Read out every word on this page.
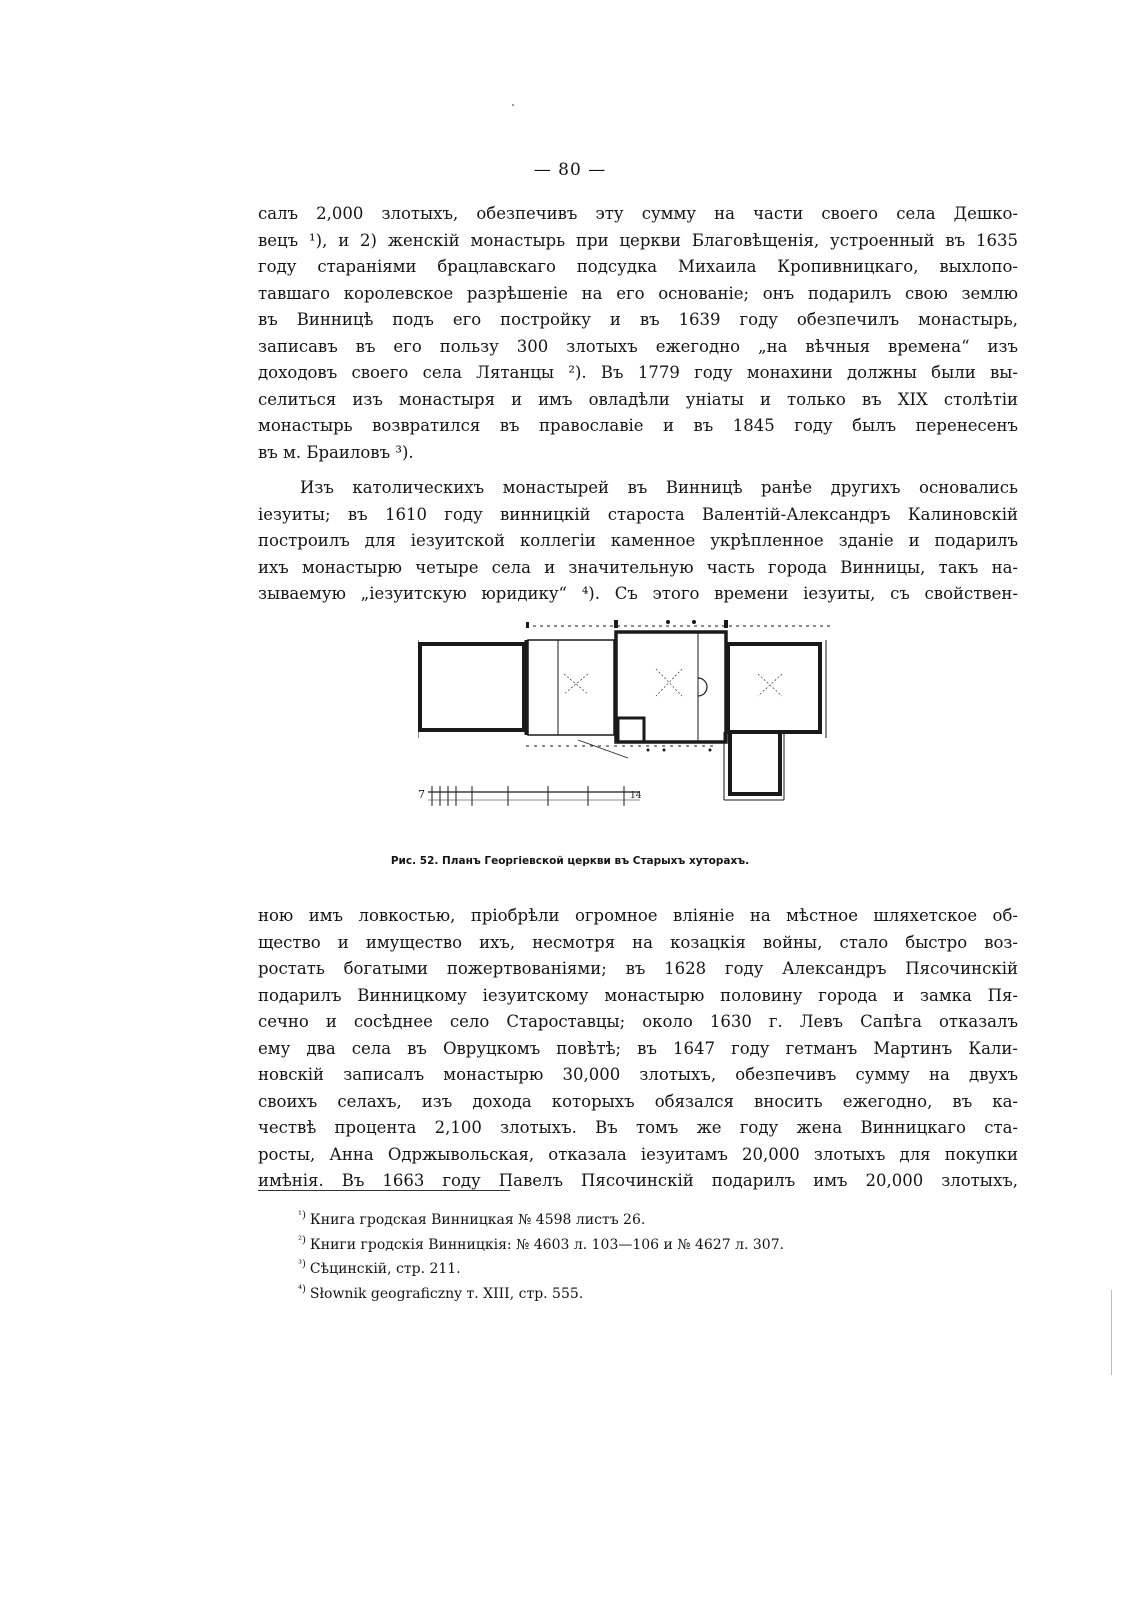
— 80 —
салъ 2,000 злотыхъ, обезпечивъ эту сумму на части своего села Дешко-
вецъ ¹), и 2) женскій монастырь при церкви Благовѣщенія, устроенный въ 1635
году стараніями брацлавскаго подсудка Михаила Кропивницкаго, выхлопо-
тавшаго королевское разрѣшеніе на его основаніе; онъ подарилъ свою землю
въ Винницѣ подъ его постройку и въ 1639 году обезпечилъ монастырь,
записавъ въ его пользу 300 злотыхъ ежегодно „на вѣчныя времена“ изъ
доходовъ своего села Лятанцы ²). Въ 1779 году монахини должны были вы-
селиться изъ монастыря и имъ овладѣли уніаты и только въ XIX столѣтіи
монастырь возвратился въ православіе и въ 1845 году былъ перенесенъ
въ м. Браиловъ ³).
Изъ католическихъ монастырей въ Винницѣ ранѣе другихъ основались
іезуиты; въ 1610 году винницкій староста Валентій-Александръ Калиновскій
построилъ для іезуитской коллегіи каменное укрѣпленное зданіе и подарилъ
ихъ монастырю четыре села и значительную часть города Винницы, такъ на-
зываемую „іезуитскую юридику“ ⁴). Съ этого времени іезуиты, съ свойствен-
7	14
Рис. 52. Планъ Георгіевской церкви въ Старыхъ хуторахъ.
ною имъ ловкостью, пріобрѣли огромное вліяніе на мѣстное шляхетское об-
щество и имущество ихъ, несмотря на козацкія войны, стало быстро воз-
ростать богатыми пожертвованіями; въ 1628 году Александръ Пясочинскій
подарилъ Винницкому іезуитскому монастырю половину города и замка Пя-
сечно и сосѣднее село Староставцы; около 1630 г. Левъ Сапѣга отказалъ
ему два села въ Овруцкомъ повѣтѣ; въ 1647 году гетманъ Мартинъ Кали-
новскій записалъ монастырю 30,000 злотыхъ, обезпечивъ сумму на двухъ
своихъ селахъ, изъ дохода которыхъ обязался вносить ежегодно, въ ка-
чествѣ процента 2,100 злотыхъ. Въ томъ же году жена Винницкаго ста-
росты, Анна Одржывольская, отказала іезуитамъ 20,000 злотыхъ для покупки
имѣнія. Въ 1663 году Павелъ Пясочинскій подарилъ имъ 20,000 злотыхъ,
$^{^1)}$ Книга гродская Винницкая № 4598 листъ 26.
$^{^2)}$ Книги гродскія Винницкія: № 4603 л. 103—106 и № 4627 л. 307.
$^{^3)}$ Сѣцинскій, стр. 211.
$^{^4)}$ Słownik geograficzny т. XIII, стр. 555.
